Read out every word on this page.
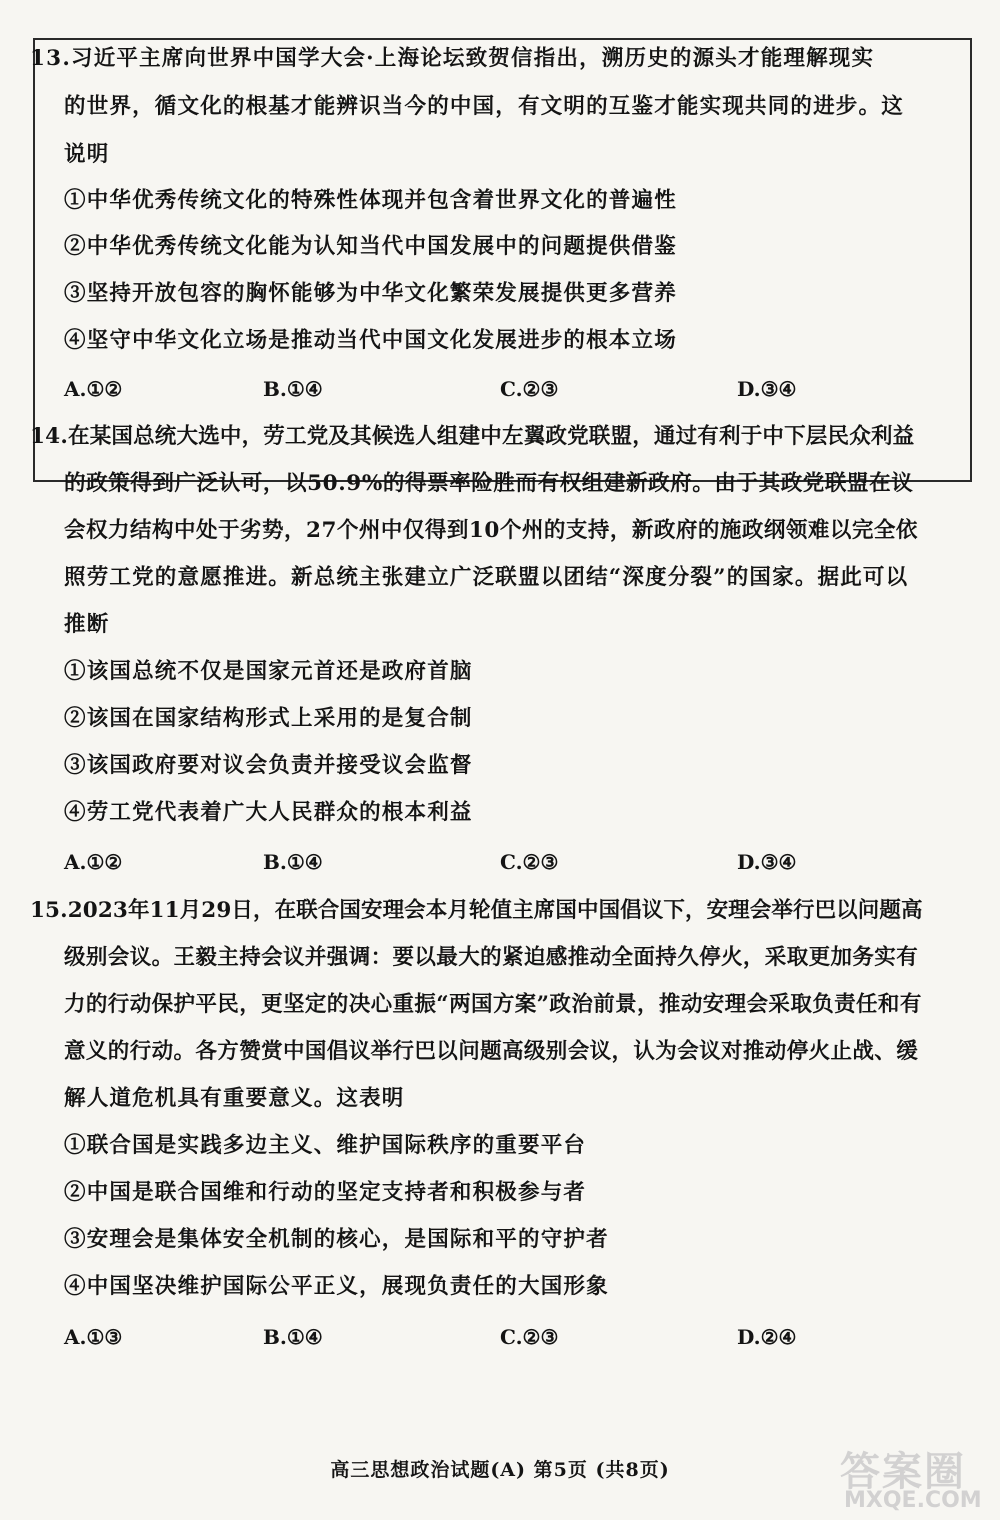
13.习近平主席向世界中国学大会·上海论坛致贺信指出，溯历史的源头才能理解现实
的世界，循文化的根基才能辨识当今的中国，有文明的互鉴才能实现共同的进步。这
说明
①中华优秀传统文化的特殊性体现并包含着世界文化的普遍性
②中华优秀传统文化能为认知当代中国发展中的问题提供借鉴
③坚持开放包容的胸怀能够为中华文化繁荣发展提供更多营养
④坚守中华文化立场是推动当代中国文化发展进步的根本立场
A.①②	B.①④	C.②③	D.③④
14.在某国总统大选中，劳工党及其候选人组建中左翼政党联盟，通过有利于中下层民众利益
的政策得到广泛认可，以50.9%的得票率险胜而有权组建新政府。由于其政党联盟在议
会权力结构中处于劣势，27个州中仅得到10个州的支持，新政府的施政纲领难以完全依
照劳工党的意愿推进。新总统主张建立广泛联盟以团结“深度分裂”的国家。据此可以
推断
①该国总统不仅是国家元首还是政府首脑
②该国在国家结构形式上采用的是复合制
③该国政府要对议会负责并接受议会监督
④劳工党代表着广大人民群众的根本利益
A.①②	B.①④	C.②③	D.③④
15.2023年11月29日，在联合国安理会本月轮值主席国中国倡议下，安理会举行巴以问题高
级别会议。王毅主持会议并强调：要以最大的紧迫感推动全面持久停火，采取更加务实有
力的行动保护平民，更坚定的决心重振“两国方案”政治前景，推动安理会采取负责任和有
意义的行动。各方赞赏中国倡议举行巴以问题高级别会议，认为会议对推动停火止战、缓
解人道危机具有重要意义。这表明
①联合国是实践多边主义、维护国际秩序的重要平台
②中国是联合国维和行动的坚定支持者和积极参与者
③安理会是集体安全机制的核心，是国际和平的守护者
④中国坚决维护国际公平正义，展现负责任的大国形象
A.①③	B.①④	C.②③	D.②④
高三思想政治试题(A) 第5页 (共8页)	答案圈
MXQE.COM
